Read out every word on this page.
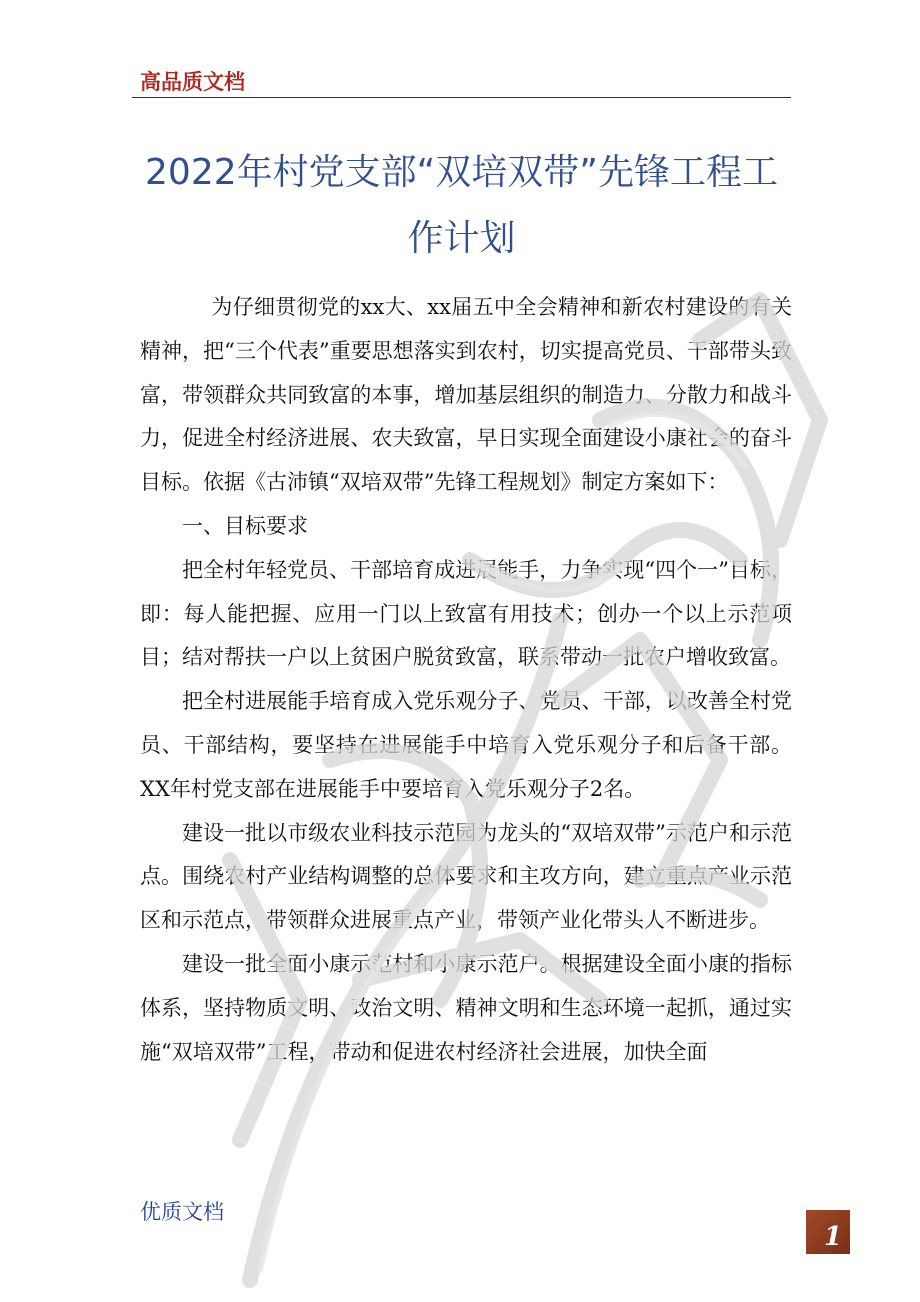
高品质文档
2022年村党支部“双培双带”先锋工程工
作计划

为仔细贯彻党的xx大、xx届五中全会精神和新农村建设的有关精神，把“三个代表”重要思想落实到农村，切实提高党员、干部带头致富，带领群众共同致富的本事，增加基层组织的制造力、分散力和战斗力，促进全村经济进展、农夫致富，早日实现全面建设小康社会的奋斗目标。依据《古沛镇“双培双带”先锋工程规划》制定方案如下：

一、目标要求

把全村年轻党员、干部培育成进展能手，力争实现“四个一”目标，即：每人能把握、应用一门以上致富有用技术；创办一个以上示范项目；结对帮扶一户以上贫困户脱贫致富，联系带动一批农户增收致富。

把全村进展能手培育成入党乐观分子、党员、干部，以改善全村党员、干部结构，要坚持在进展能手中培育入党乐观分子和后备干部。XX年村党支部在进展能手中要培育入党乐观分子2名。

建设一批以市级农业科技示范园为龙头的“双培双带”示范户和示范点。围绕农村产业结构调整的总体要求和主攻方向，建立重点产业示范区和示范点，带领群众进展重点产业，带领产业化带头人不断进步。

建设一批全面小康示范村和小康示范户。根据建设全面小康的指标体系，坚持物质文明、政治文明、精神文明和生态环境一起抓，通过实施“双培双带”工程，带动和促进农村经济社会进展，加快全面

优质文档
1
